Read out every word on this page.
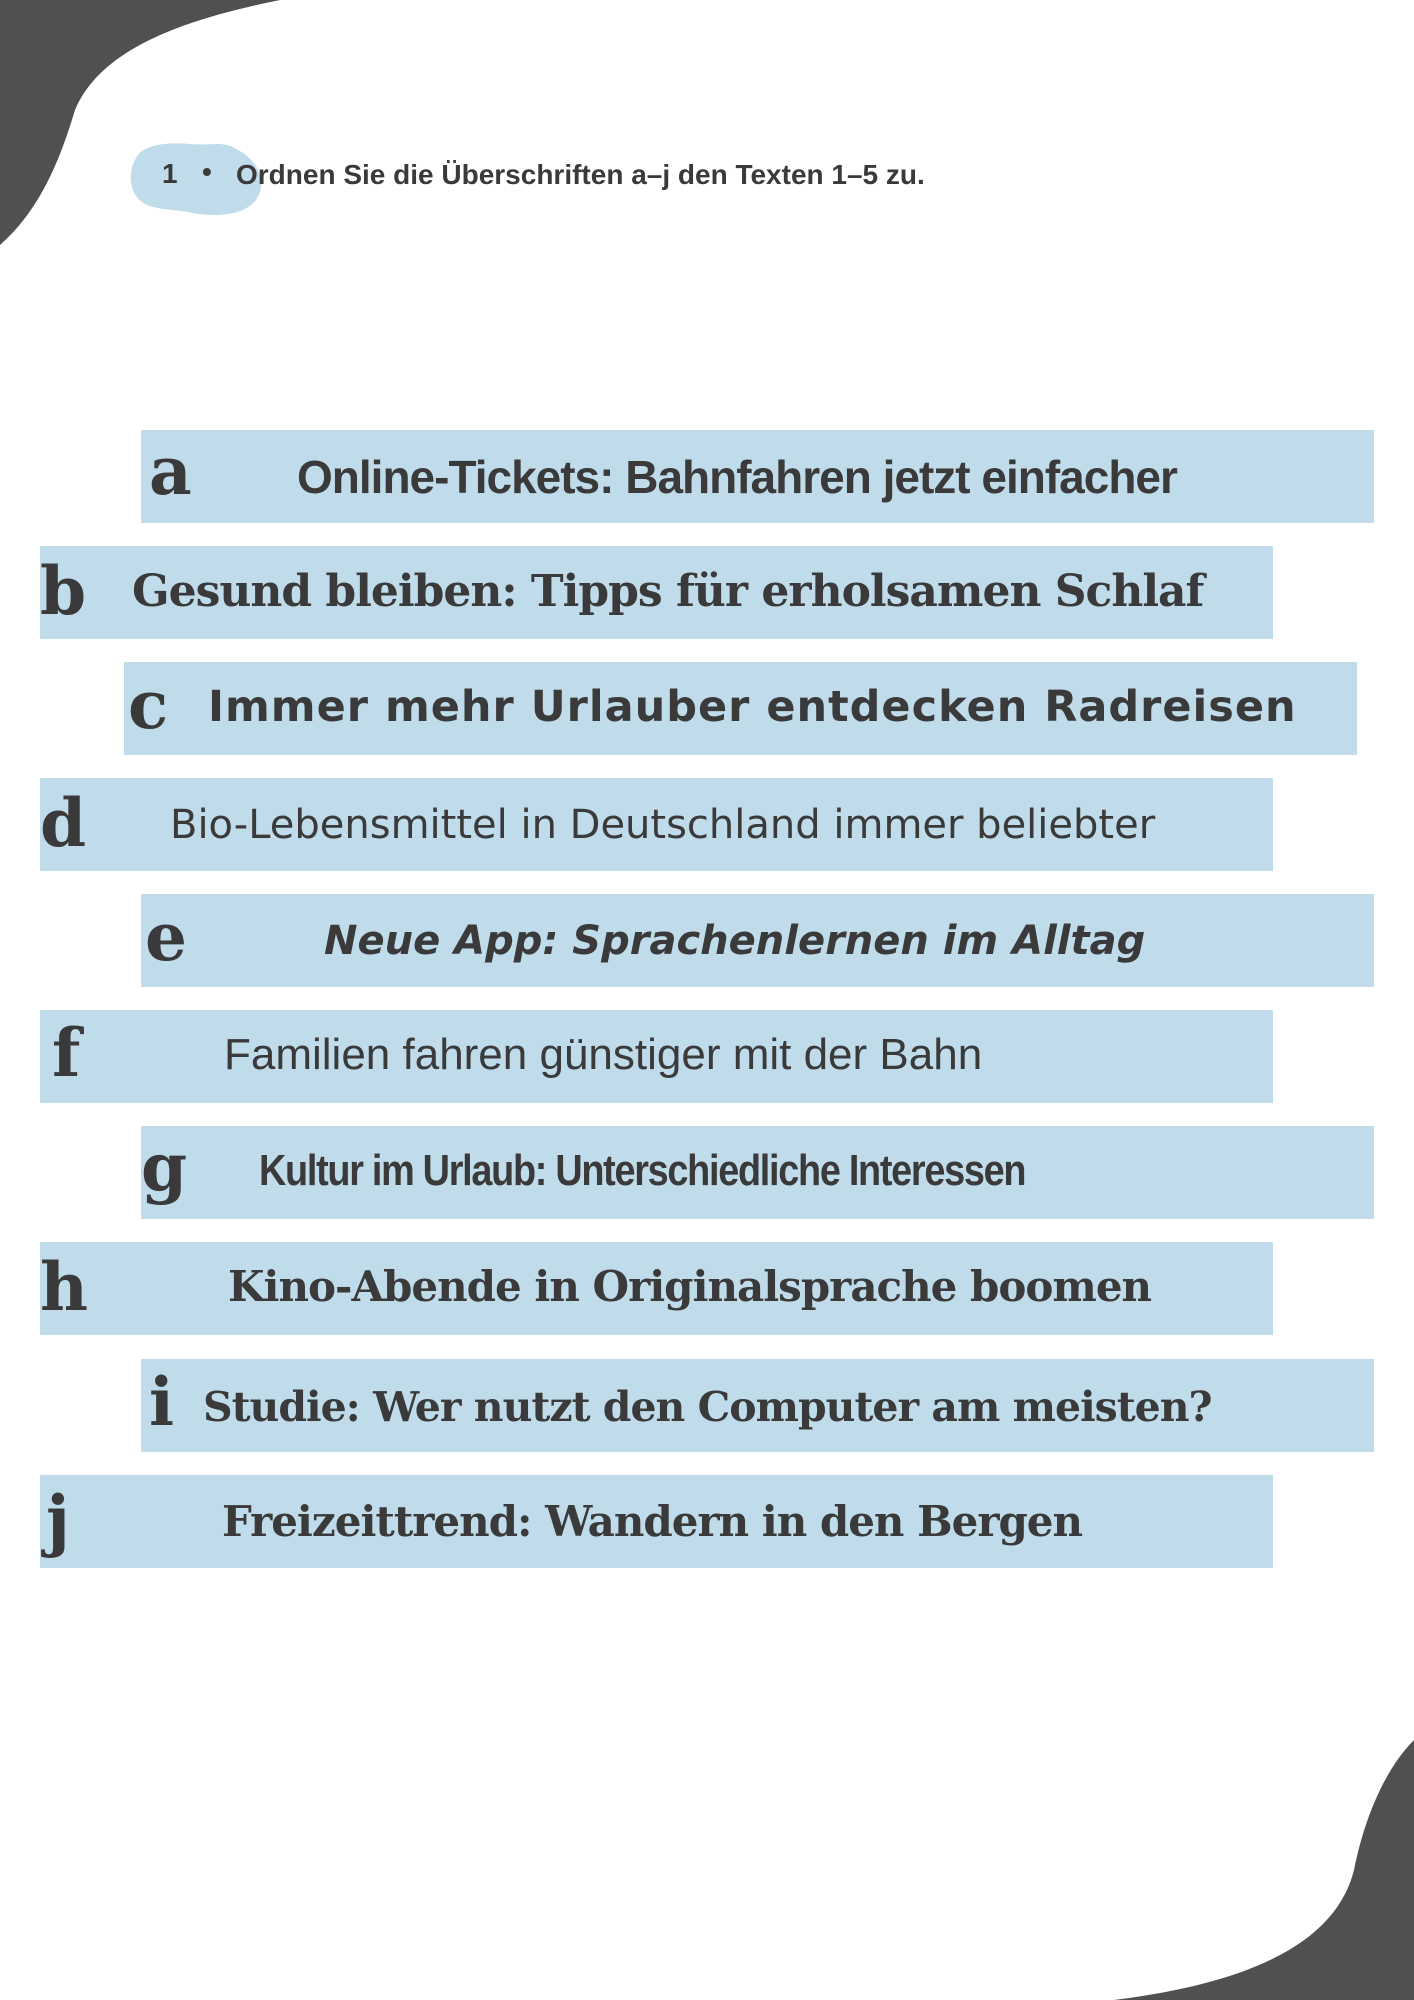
1 • Ordnen Sie die Überschriften a–j den Texten 1–5 zu.
a Online-Tickets: Bahnfahren jetzt einfacher
b Gesund bleiben: Tipps für erholsamen Schlaf
c Immer mehr Urlauber entdecken Radreisen
d Bio-Lebensmittel in Deutschland immer beliebter
e	Neue App: Sprachenlernen im Alltag
f	Familien fahren günstiger mit der Bahn
g Kultur im Urlaub: Unterschiedliche Interessen
h	Kino-Abende in Originalsprache boomen
i Studie: Wer nutzt den Computer am meisten?
j	Freizeittrend: Wandern in den Bergen
